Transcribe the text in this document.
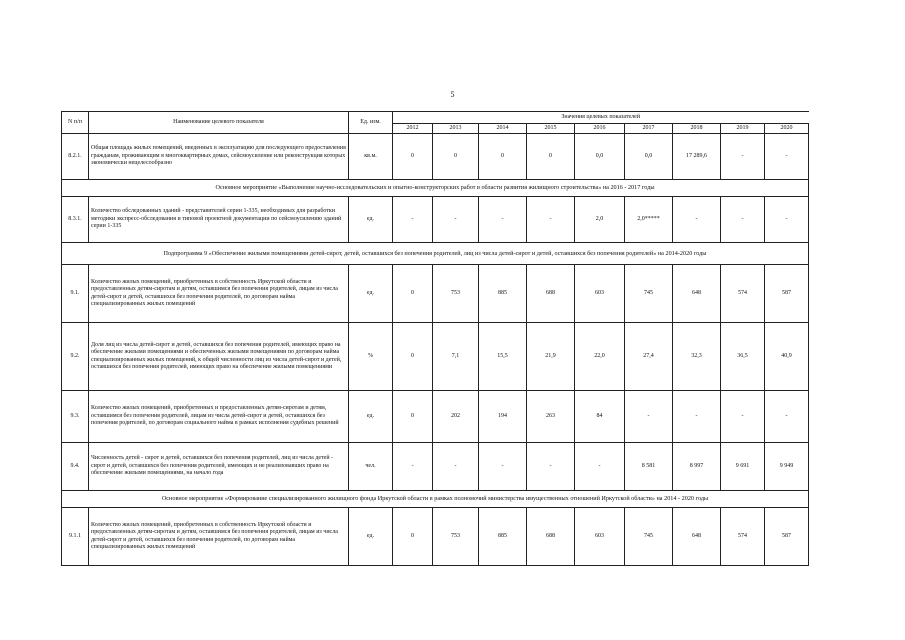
5
N п/п	Наименование целевого показателя	Ед. изм.	Значения целевых показателей								
			2012	2013	2014	2015	2016	2017	2018	2019	2020
8.2.1.	Общая площадь жилых помещений, введенных в эксплуатацию для последующего предоставления гражданам, проживающим в многоквартирных домах, сейсмоусиление или реконструкция которых экономически нецелесообразно	кв.м.	0	0	0	0	0,0	0,0	17 289,6	-	-
Основное мероприятие «Выполнение научно-исследовательских и опытно-конструкторских работ в области развития жилищного строительства» на 2016 - 2017 годы											
8.3.1.	Количество обследованных зданий - представителей серии 1-335, необходимых для разработки методики экспресс-обследования и типовой проектной документации по сейсмоусилению зданий серии 1-335	ед.	-	-	-	-	2,0	2,0*****	-	-	-
Подпрограмма 9 «Обеспечение жилыми помещениями детей-сирот, детей, оставшихся без попечения родителей, лиц из числа детей-сирот и детей, оставшихся без попечения родителей» на 2014-2020 годы											
9.1.	Количество жилых помещений, приобретенных в собственность Иркутской области и предоставленных детям-сиротам и детям, оставшимся без попечения родителей, лицам из числа детей-сирот и детей, оставшихся без попечения родителей, по договорам найма специализированных жилых помещений	ед.	0	753	885	688	603	745	648	574	587
9.2.	Доля лиц из числа детей-сирот и детей, оставшихся без попечения родителей, имеющих право на обеспечение жилыми помещениями и обеспеченных жилыми помещениями по договорам найма специализированных жилых помещений, к общей численности лиц из числа детей-сирот и детей, оставшихся без попечения родителей, имеющих право на обеспечение жилыми помещениями	%	0	7,1	15,5	21,9	22,0	27,4	32,3	36,5	40,9
9.3.	Количество жилых помещений, приобретенных и предоставленных детям-сиротам и детям, оставшимся без попечения родителей, лицам из числа детей-сирот и детей, оставшихся без попечения родителей, по договорам социального найма в рамках исполнения судебных решений	ед.	0	202	194	263	84	-	-	-	-
9.4.	Численность детей - сирот и детей, оставшихся без попечения родителей, лиц из числа детей - сирот и детей, оставшихся без попечения родителей, имеющих и не реализовавших право на обеспечение жилыми помещениями, на начало года	чел.	-	-	-	-	-	8 581	8 997	9 691	9 949
Основное мероприятие «Формирование специализированного жилищного фонда Иркутской области в рамках полномочий министерства имущественных отношений Иркутской области» на 2014 - 2020 годы											
9.1.1	Количество жилых помещений, приобретенных в собственность Иркутской области и предоставленных детям-сиротам и детям, оставшимся без попечения родителей, лицам из числа детей-сирот и детей, оставшихся без попечения родителей, по договорам найма специализированных жилых помещений	ед.	0	753	885	688	603	745	648	574	587
